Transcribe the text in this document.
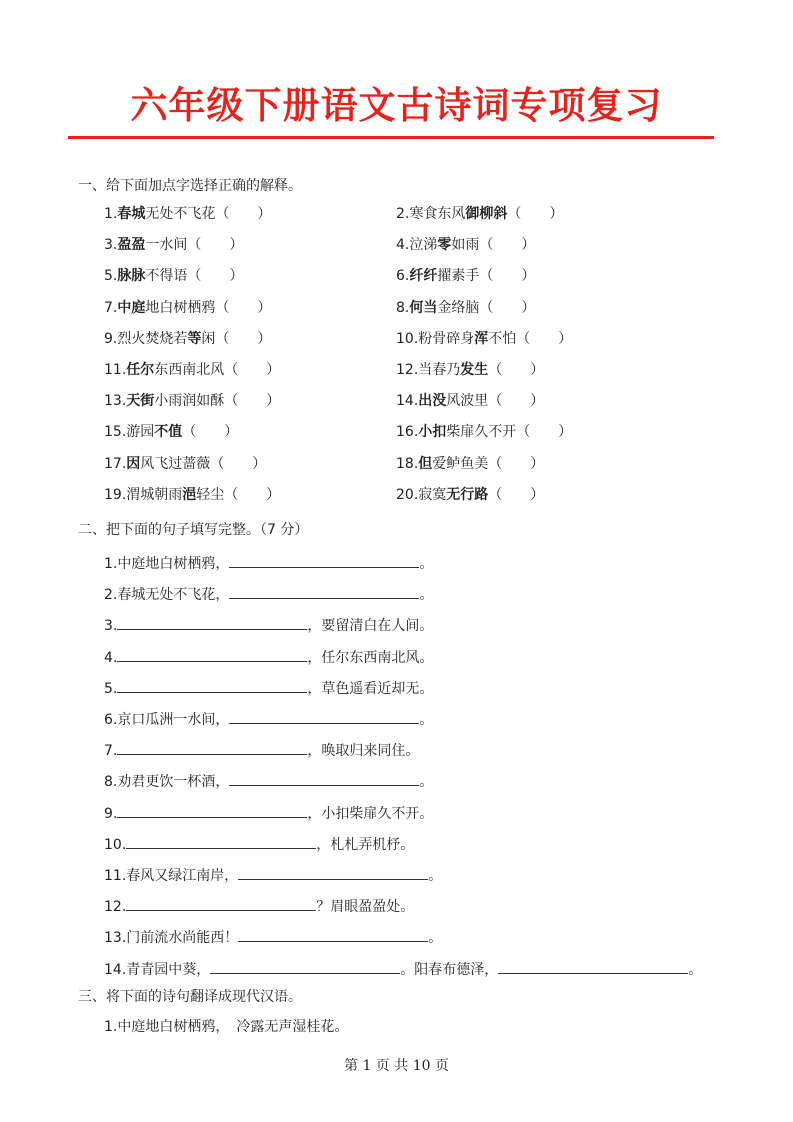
六年级下册语文古诗词专项复习
一、给下面加点字选择正确的解释。
1.春城无处不飞花（　　）	2.寒食东风御柳斜（　　）
3.盈盈一水间（　　）	4.泣涕零如雨（　　）
5.脉脉不得语（　　）	6.纤纤擢素手（　　）
7.中庭地白树栖鸦（　　）	8.何当金络脑（　　）
9.烈火焚烧若等闲（　　）	10.粉骨碎身浑不怕（　　）
11.任尔东西南北风（　　）	12.当春乃发生（　　）
13.天街小雨润如酥（　　）	14.出没风波里（　　）
15.游园不值（　　）	16.小扣柴扉久不开（　　）
17.因风飞过蔷薇（　　）	18.但爱鲈鱼美（　　）
19.渭城朝雨浥轻尘（　　）	20.寂寞无行路（　　）
二、把下面的句子填写完整。（7 分）
1.中庭地白树栖鸦，	。
2.春城无处不飞花，	。
3.	，要留清白在人间。
4.	，任尔东西南北风。
5.	，草色遥看近却无。
6.京口瓜洲一水间，	。
7.	，唤取归来同住。
8.劝君更饮一杯酒，	。
9.	，小扣柴扉久不开。
10.	，札札弄机杼。
11.春风又绿江南岸，	。
12.	？眉眼盈盈处。
13.门前流水尚能西！	。
14.青青园中葵，	。阳春布德泽，	。
三、将下面的诗句翻译成现代汉语。
1.中庭地白树栖鸦，　冷露无声湿桂花。
第 1 页 共 10 页
